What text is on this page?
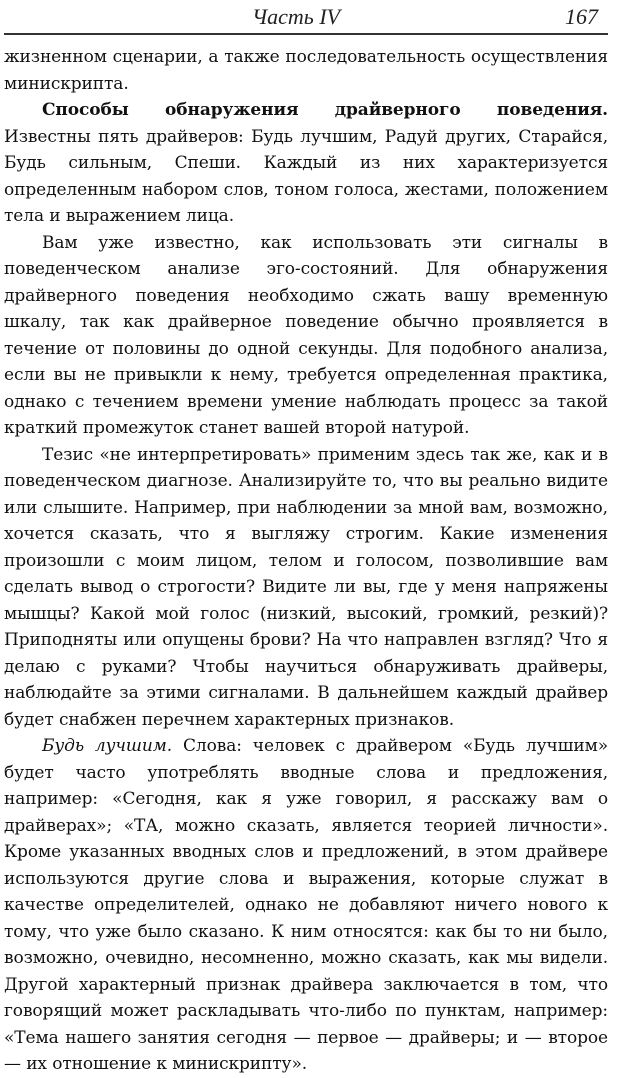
Часть IV	167

жизненном сценарии, а также последовательность осуществления минискрипта.

Способы обнаружения драйверного поведения. Известны пять драйверов: Будь лучшим, Радуй других, Старайся, Будь сильным, Спеши. Каждый из них характеризуется определенным набором слов, тоном голоса, жестами, положением тела и выражением лица.

Вам уже известно, как использовать эти сигналы в поведенческом анализе эго-состояний. Для обнаружения драйверного поведения необходимо сжать вашу временную шкалу, так как драйверное поведение обычно проявляется в течение от половины до одной секунды. Для подобного анализа, если вы не привыкли к нему, требуется определенная практика, однако с течением времени умение наблюдать процесс за такой краткий промежуток станет вашей второй натурой.

Тезис «не интерпретировать» применим здесь так же, как и в поведенческом диагнозе. Анализируйте то, что вы реально видите или слышите. Например, при наблюдении за мной вам, возможно, хочется сказать, что я выгляжу строгим. Какие изменения произошли с моим лицом, телом и голосом, позволившие вам сделать вывод о строгости? Видите ли вы, где у меня напряжены мышцы? Какой мой голос (низкий, высокий, громкий, резкий)? Приподняты или опущены брови? На что направлен взгляд? Что я делаю с руками? Чтобы научиться обнаруживать драйверы, наблюдайте за этими сигналами. В дальнейшем каждый драйвер будет снабжен перечнем характерных признаков.

Будь лучшим. Слова: человек с драйвером «Будь лучшим» будет часто употреблять вводные слова и предложения, например: «Сегодня, как я уже говорил, я расскажу вам о драйверах»; «ТА, можно сказать, является теорией личности». Кроме указанных вводных слов и предложений, в этом драйвере используются другие слова и выражения, которые служат в качестве определителей, однако не добавляют ничего нового к тому, что уже было сказано. К ним относятся: как бы то ни было, возможно, очевидно, несомненно, можно сказать, как мы видели. Другой характерный признак драйвера заключается в том, что говорящий может раскладывать что-либо по пунктам, например: «Тема нашего занятия сегодня — первое — драйверы; и — второе — их отношение к минискрипту».
